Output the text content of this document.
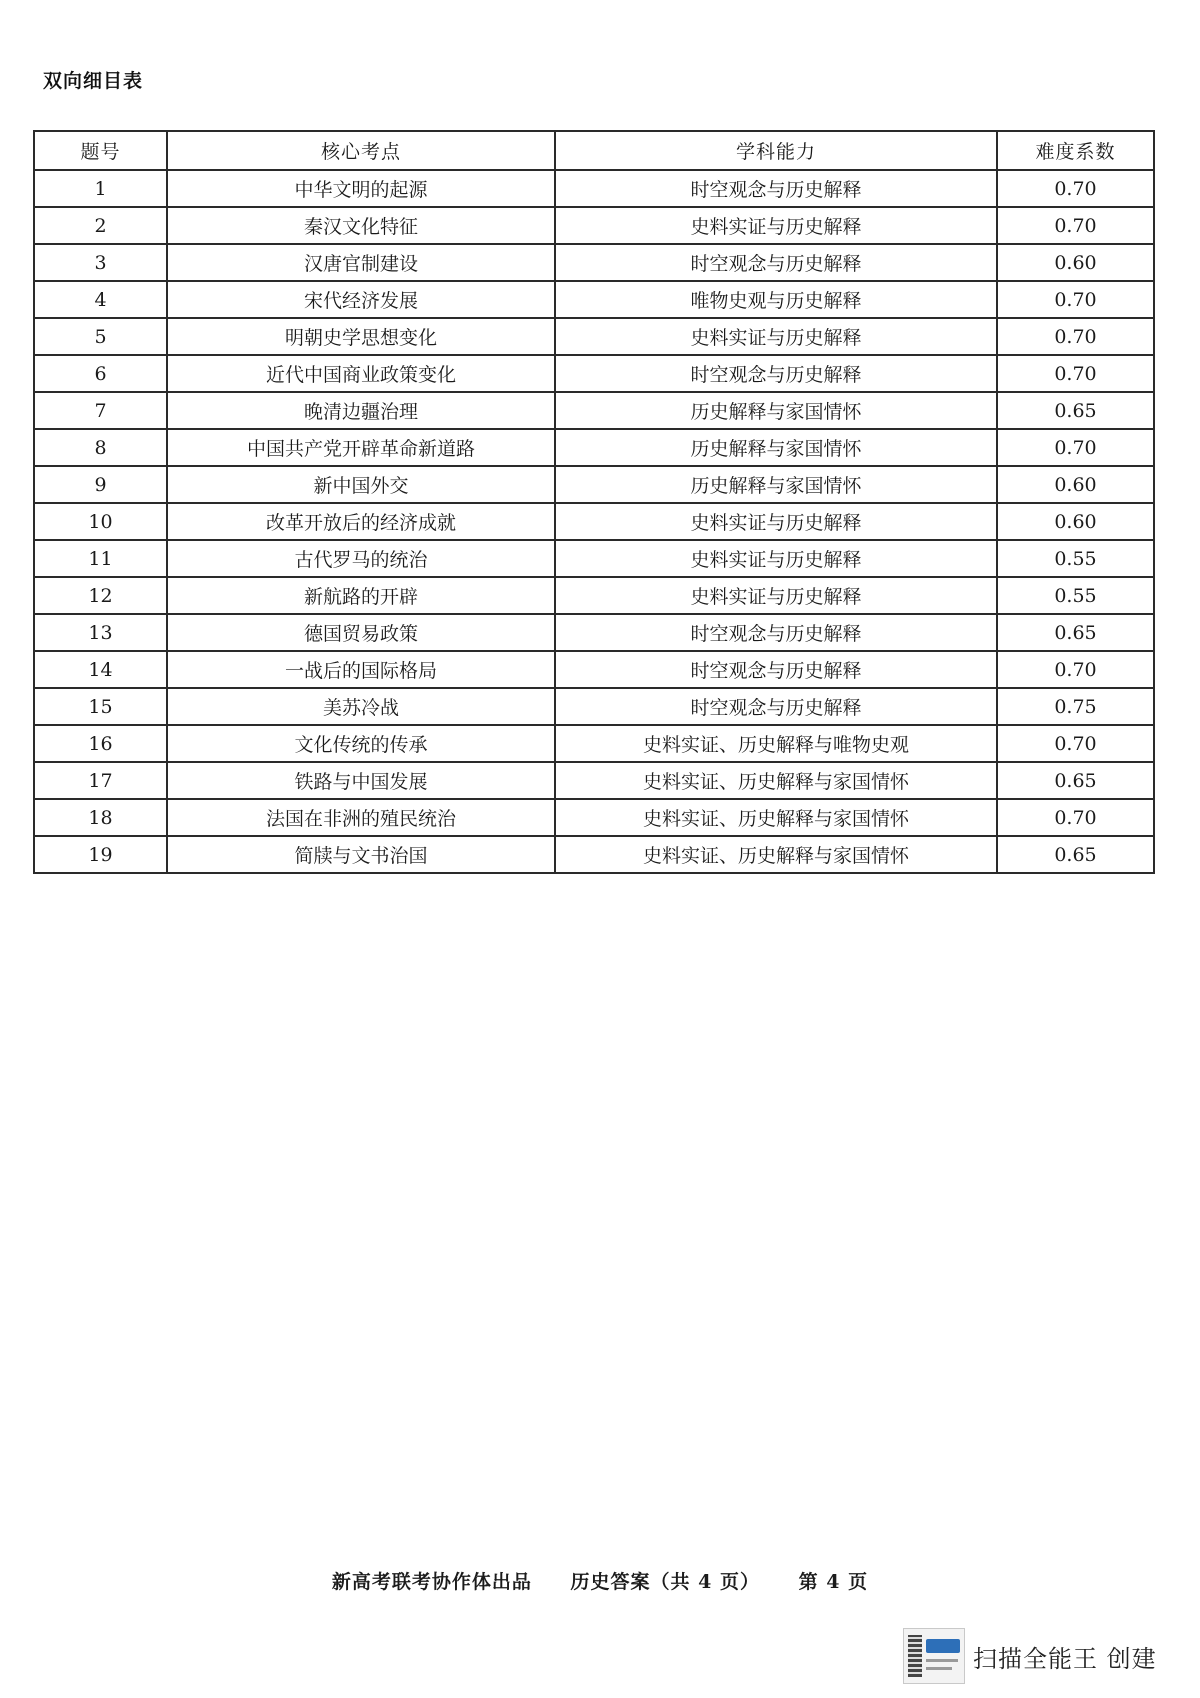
双向细目表
题号	核心考点	学科能力	难度系数
1	中华文明的起源	时空观念与历史解释	0.70
2	秦汉文化特征	史料实证与历史解释	0.70
3	汉唐官制建设	时空观念与历史解释	0.60
4	宋代经济发展	唯物史观与历史解释	0.70
5	明朝史学思想变化	史料实证与历史解释	0.70
6	近代中国商业政策变化	时空观念与历史解释	0.70
7	晚清边疆治理	历史解释与家国情怀	0.65
8	中国共产党开辟革命新道路	历史解释与家国情怀	0.70
9	新中国外交	历史解释与家国情怀	0.60
10	改革开放后的经济成就	史料实证与历史解释	0.60
11	古代罗马的统治	史料实证与历史解释	0.55
12	新航路的开辟	史料实证与历史解释	0.55
13	德国贸易政策	时空观念与历史解释	0.65
14	一战后的国际格局	时空观念与历史解释	0.70
15	美苏冷战	时空观念与历史解释	0.75
16	文化传统的传承	史料实证、历史解释与唯物史观	0.70
17	铁路与中国发展	史料实证、历史解释与家国情怀	0.65
18	法国在非洲的殖民统治	史料实证、历史解释与家国情怀	0.70
19	简牍与文书治国	史料实证、历史解释与家国情怀	0.65
新高考联考协作体出品 历史答案（共 4 页） 第 4 页
扫描全能王 创建
